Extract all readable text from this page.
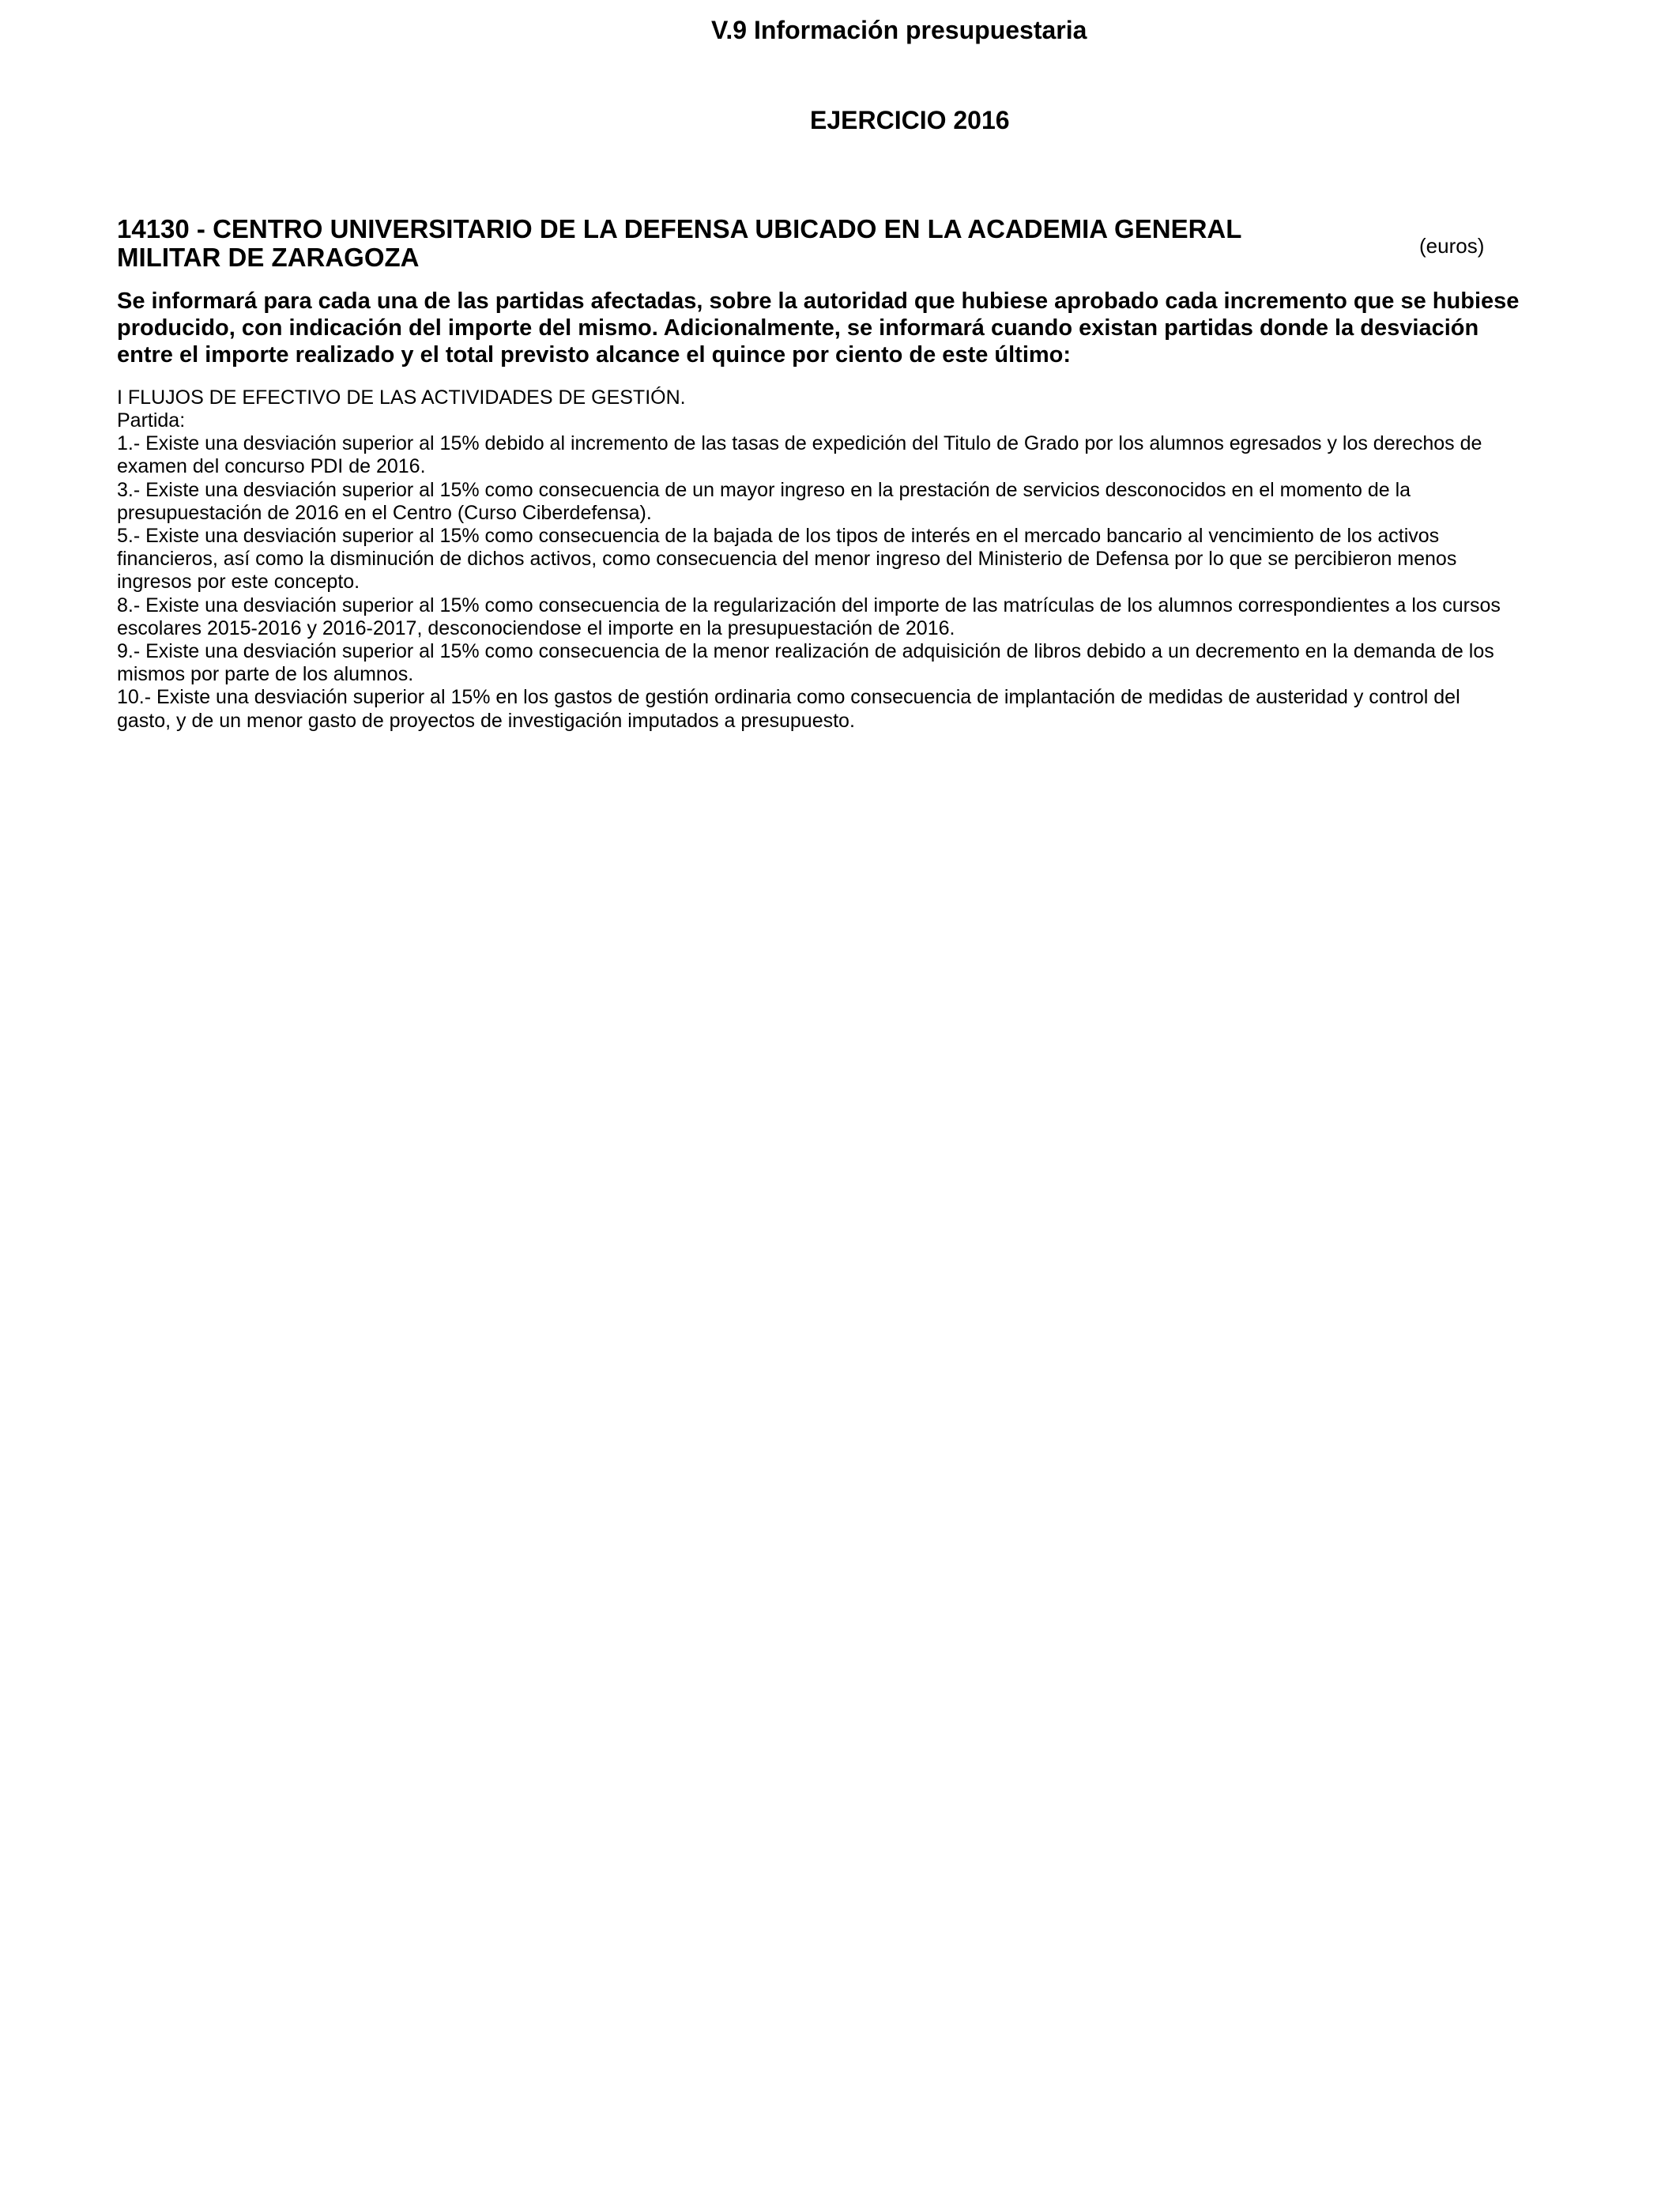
V.9 Información presupuestaria
EJERCICIO 2016
14130 - CENTRO UNIVERSITARIO DE LA DEFENSA UBICADO EN LA ACADEMIA GENERAL
MILITAR DE ZARAGOZA	(euros)
Se informará para cada una de las partidas afectadas, sobre la autoridad que hubiese aprobado cada incremento que se hubiese
producido, con indicación del importe del mismo. Adicionalmente, se informará cuando existan partidas donde la desviación
entre el importe realizado y el total previsto alcance el quince por ciento de este último:
I FLUJOS DE EFECTIVO DE LAS ACTIVIDADES DE GESTIÓN.
Partida:
1.- Existe una desviación superior al 15% debido al incremento de las tasas de expedición del Titulo de Grado por los alumnos egresados y los derechos de
examen del concurso PDI de 2016.
3.- Existe una desviación superior al 15% como consecuencia de un mayor ingreso en la prestación de servicios desconocidos en el momento de la
presupuestación de 2016 en el Centro (Curso Ciberdefensa).
5.- Existe una desviación superior al 15% como consecuencia de la bajada de los tipos de interés en el mercado bancario al vencimiento de los activos
financieros, así como la disminución de dichos activos, como consecuencia del menor ingreso del Ministerio de Defensa por lo que se percibieron menos
ingresos por este concepto.
8.- Existe una desviación superior al 15% como consecuencia de la regularización del importe de las matrículas de los alumnos correspondientes a los cursos
escolares 2015-2016 y 2016-2017, desconociendose el importe en la presupuestación de 2016.
9.- Existe una desviación superior al 15% como consecuencia de la menor realización de adquisición de libros debido a un decremento en la demanda de los
mismos por parte de los alumnos.
10.- Existe una desviación superior al 15% en los gastos de gestión ordinaria como consecuencia de implantación de medidas de austeridad y control del
gasto, y de un menor gasto de proyectos de investigación imputados a presupuesto.
